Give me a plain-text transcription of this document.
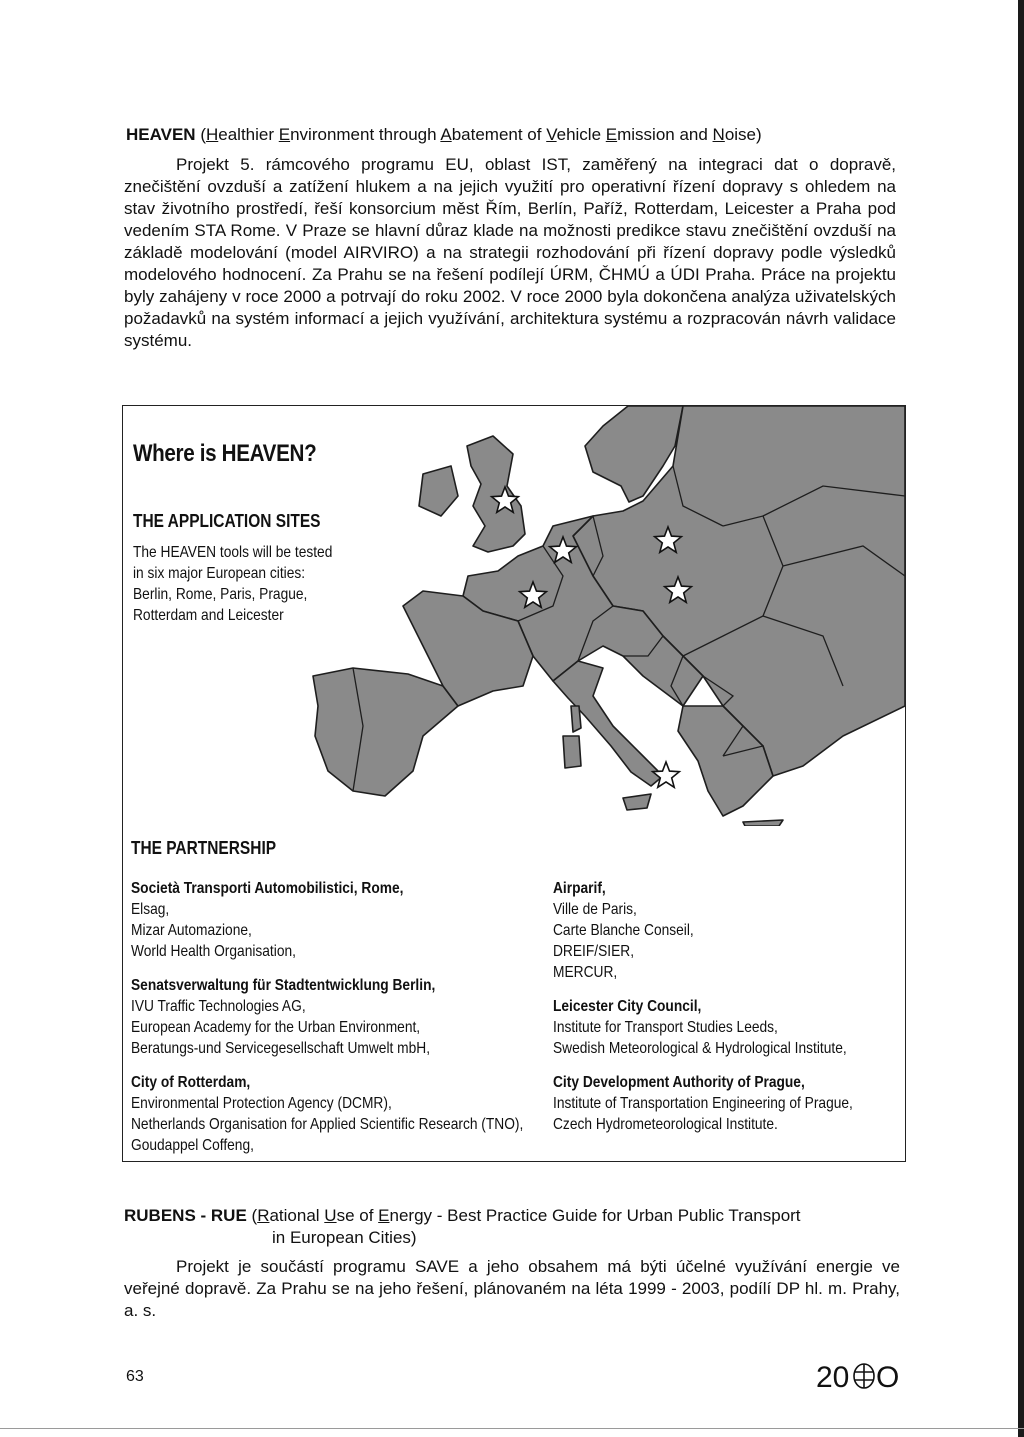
HEAVEN (Healthier Environment through Abatement of Vehicle Emission and Noise)
Projekt 5. rámcového programu EU, oblast IST, zaměřený na integraci dat o dopravě, znečištění ovzduší a zatížení hlukem a na jejich využití pro operativní řízení dopravy s ohledem na stav životního prostředí, řeší konsorcium měst Řím, Berlín, Paříž, Rotterdam, Leicester a Praha pod vedením STA Rome. V Praze se hlavní důraz klade na možnosti predikce stavu znečištění ovzduší na základě modelování (model AIRVIRO) a na strategii rozhodování při řízení dopravy podle výsledků modelového hodnocení. Za Prahu se na řešení podílejí ÚRM, ČHMÚ a ÚDI Praha. Práce na projektu byly zahájeny v roce 2000 a potrvají do roku 2002. V roce 2000 byla dokončena analýza uživatelských požadavků na systém informací a jejich využívání, architektura systému a rozpracován návrh validace systému.
Where is HEAVEN?
THE APPLICATION SITES
The HEAVEN tools will be tested
in six major European cities:
Berlin, Rome, Paris, Prague,
Rotterdam and Leicester
THE PARTNERSHIP
Società Transporti Automobilistici, Rome,
Elsag,
Mizar Automazione,
World Health Organisation,
Senatsverwaltung für Stadtentwicklung Berlin,
IVU Traffic Technologies AG,
European Academy for the Urban Environment,
Beratungs-und Servicegesellschaft Umwelt mbH,
City of Rotterdam,
Environmental Protection Agency (DCMR),
Netherlands Organisation for Applied Scientific Research (TNO),
Goudappel Coffeng,
Airparif,
Ville de Paris,
Carte Blanche Conseil,
DREIF/SIER,
MERCUR,
Leicester City Council,
Institute for Transport Studies Leeds,
Swedish Meteorological & Hydrological Institute,
City Development Authority of Prague,
Institute of Transportation Engineering of Prague,
Czech Hydrometeorological Institute.
RUBENS - RUE (Rational Use of Energy - Best Practice Guide for Urban Public Transport
in European Cities)
Projekt je součástí programu SAVE a jeho obsahem má býti účelné využívání energie ve veřejné dopravě. Za Prahu se na jeho řešení, plánovaném na léta 1999 - 2003, podílí DP hl. m. Prahy, a. s.
63	20 O
